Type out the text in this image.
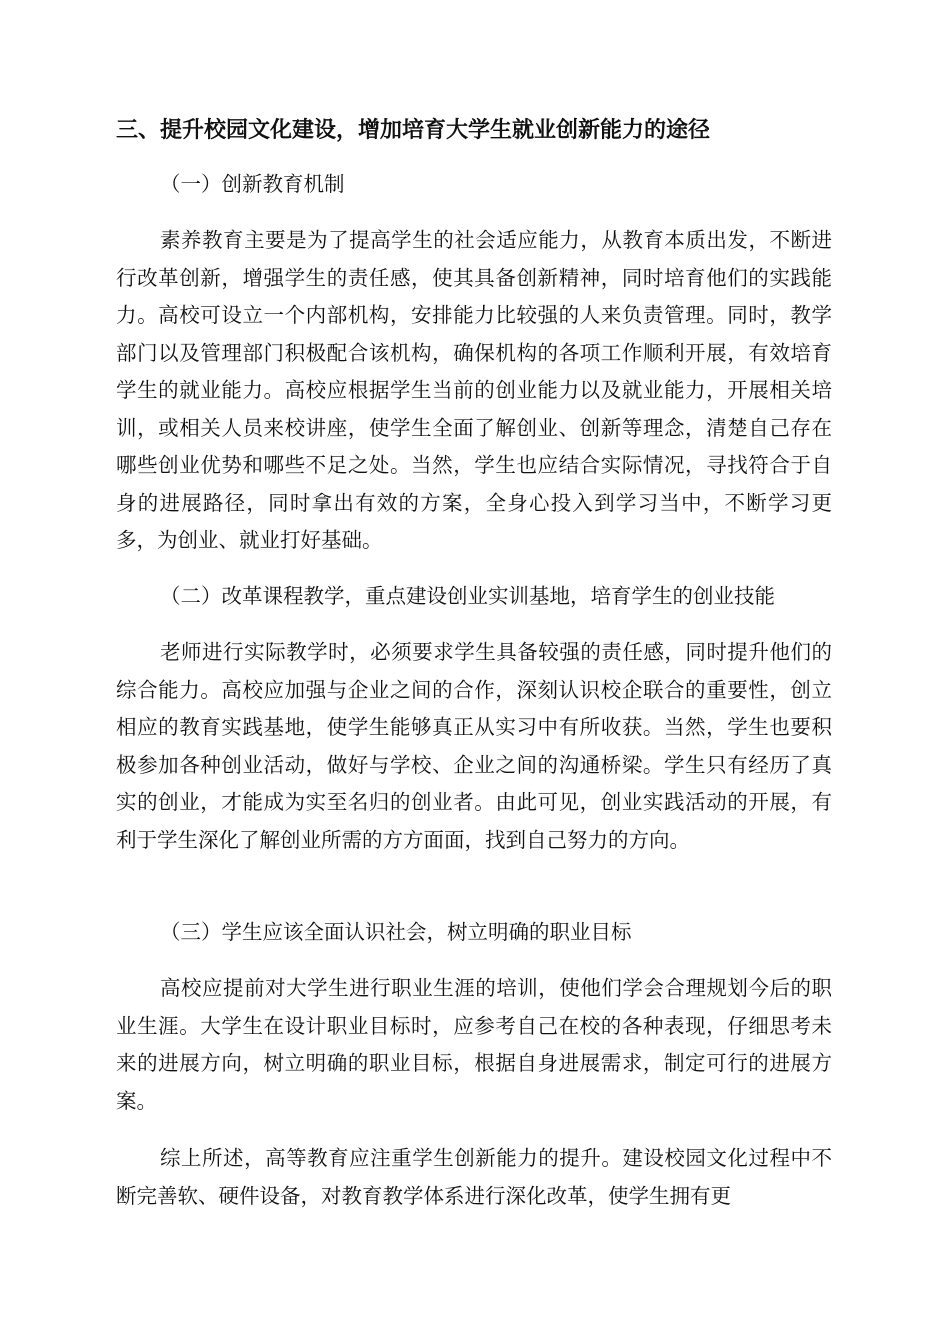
三、提升校园文化建设，增加培育大学生就业创新能力的途径

（一）创新教育机制

素养教育主要是为了提高学生的社会适应能力，从教育本质出发，不断进行改革创新，增强学生的责任感，使其具备创新精神，同时培育他们的实践能力。高校可设立一个内部机构，安排能力比较强的人来负责管理。同时，教学部门以及管理部门积极配合该机构，确保机构的各项工作顺利开展，有效培育学生的就业能力。高校应根据学生当前的创业能力以及就业能力，开展相关培训，或相关人员来校讲座，使学生全面了解创业、创新等理念，清楚自己存在哪些创业优势和哪些不足之处。当然，学生也应结合实际情况，寻找符合于自身的进展路径，同时拿出有效的方案，全身心投入到学习当中，不断学习更多，为创业、就业打好基础。

（二）改革课程教学，重点建设创业实训基地，培育学生的创业技能

老师进行实际教学时，必须要求学生具备较强的责任感，同时提升他们的综合能力。高校应加强与企业之间的合作，深刻认识校企联合的重要性，创立相应的教育实践基地，使学生能够真正从实习中有所收获。当然，学生也要积极参加各种创业活动，做好与学校、企业之间的沟通桥梁。学生只有经历了真实的创业，才能成为实至名归的创业者。由此可见，创业实践活动的开展，有利于学生深化了解创业所需的方方面面，找到自己努力的方向。

（三）学生应该全面认识社会，树立明确的职业目标

高校应提前对大学生进行职业生涯的培训，使他们学会合理规划今后的职业生涯。大学生在设计职业目标时，应参考自己在校的各种表现，仔细思考未来的进展方向，树立明确的职业目标，根据自身进展需求，制定可行的进展方案。

综上所述，高等教育应注重学生创新能力的提升。建设校园文化过程中不断完善软、硬件设备，对教育教学体系进行深化改革，使学生拥有更
